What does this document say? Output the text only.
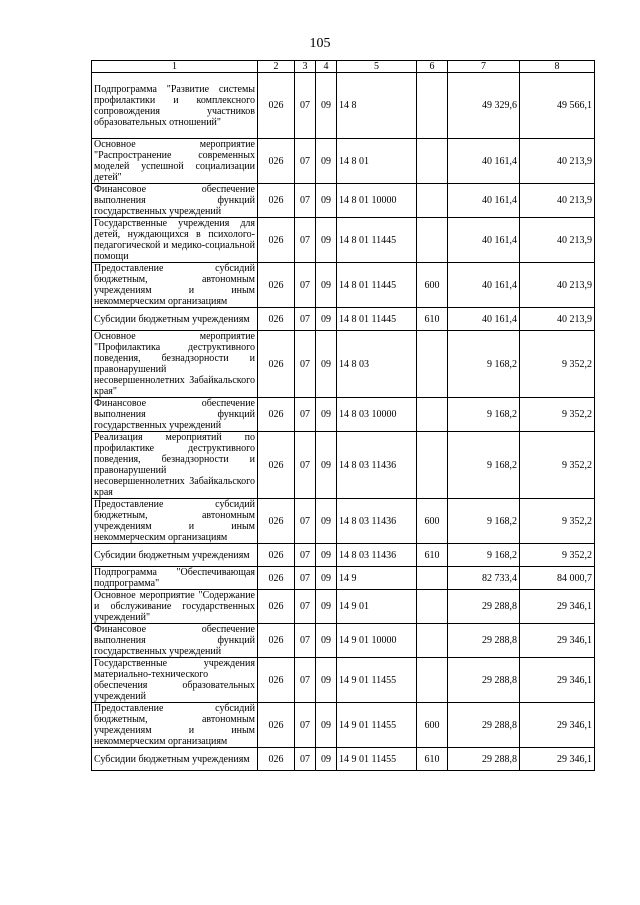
105
1	2	3	4	5	6	7	8
Подпрограмма "Развитие системы профилактики и комплексного сопровождения участников образовательных отношений"	026	07	09	14 8		49 329,6	49 566,1
Основное мероприятие "Распространение современных моделей успешной социализации детей"	026	07	09	14 8 01		40 161,4	40 213,9
Финансовое обеспечение выполнения функций государственных учреждений	026	07	09	14 8 01 10000		40 161,4	40 213,9
Государственные учреждения для детей, нуждающихся в психолого-педагогической и медико-социальной помощи	026	07	09	14 8 01 11445		40 161,4	40 213,9
Предоставление субсидий бюджетным, автономным учреждениям и иным некоммерческим организациям	026	07	09	14 8 01 11445	600	40 161,4	40 213,9
Субсидии бюджетным учреждениям	026	07	09	14 8 01 11445	610	40 161,4	40 213,9
Основное мероприятие "Профилактика деструктивного поведения, безнадзорности и правонарушений несовершеннолетних Забайкальского края"	026	07	09	14 8 03		9 168,2	9 352,2
Финансовое обеспечение выполнения функций государственных учреждений	026	07	09	14 8 03 10000		9 168,2	9 352,2
Реализация мероприятий по профилактике деструктивного поведения, безнадзорности и правонарушений несовершеннолетних Забайкальского края	026	07	09	14 8 03 11436		9 168,2	9 352,2
Предоставление субсидий бюджетным, автономным учреждениям и иным некоммерческим организациям	026	07	09	14 8 03 11436	600	9 168,2	9 352,2
Субсидии бюджетным учреждениям	026	07	09	14 8 03 11436	610	9 168,2	9 352,2
Подпрограмма "Обеспечивающая подпрограмма"	026	07	09	14 9		82 733,4	84 000,7
Основное мероприятие "Содержание и обслуживание государственных учреждений"	026	07	09	14 9 01		29 288,8	29 346,1
Финансовое обеспечение выполнения функций государственных учреждений	026	07	09	14 9 01 10000		29 288,8	29 346,1
Государственные учреждения материально-технического обеспечения образовательных учреждений	026	07	09	14 9 01 11455		29 288,8	29 346,1
Предоставление субсидий бюджетным, автономным учреждениям и иным некоммерческим организациям	026	07	09	14 9 01 11455	600	29 288,8	29 346,1
Субсидии бюджетным учреждениям	026	07	09	14 9 01 11455	610	29 288,8	29 346,1
